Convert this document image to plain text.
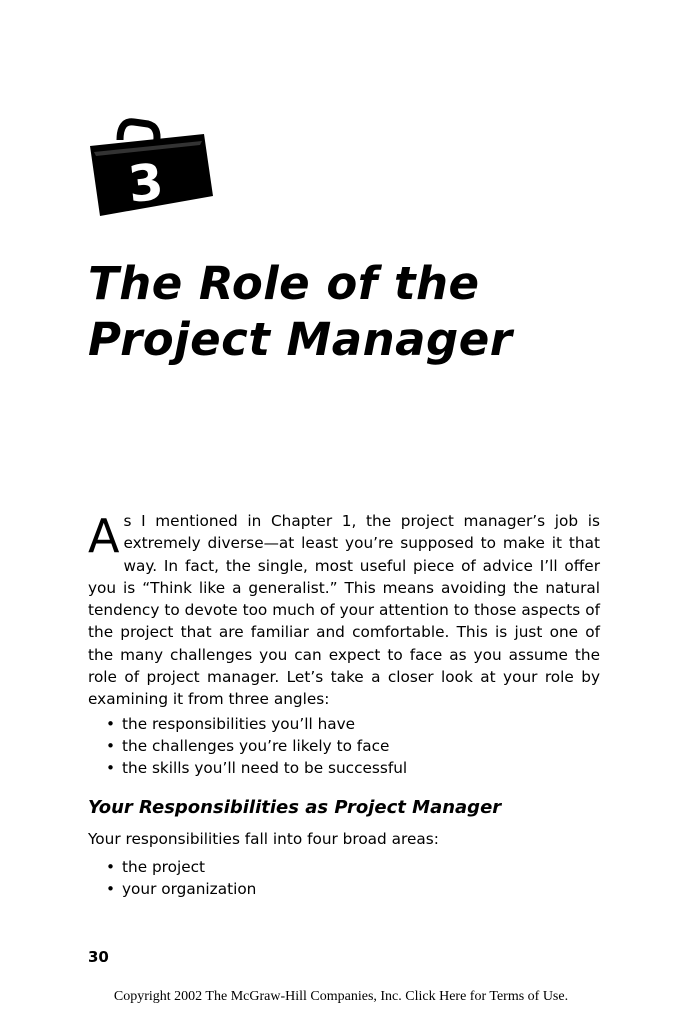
3
The Role of the
Project Manager

As I mentioned in Chapter 1, the project manager’s job is extremely diverse—at least you’re supposed to make it that way. In fact, the single, most useful piece of advice I’ll offer you is “Think like a generalist.” This means avoiding the natural tendency to devote too much of your attention to those aspects of the project that are familiar and comfortable. This is just one of the many challenges you can expect to face as you assume the role of project manager. Let’s take a closer look at your role by examining it from three angles:

• the responsibilities you’ll have
• the challenges you’re likely to face
• the skills you’ll need to be successful
Your Responsibilities as Project Manager

Your responsibilities fall into four broad areas:

• the project
• your organization
30
Copyright 2002 The McGraw-Hill Companies, Inc. Click Here for Terms of Use.
